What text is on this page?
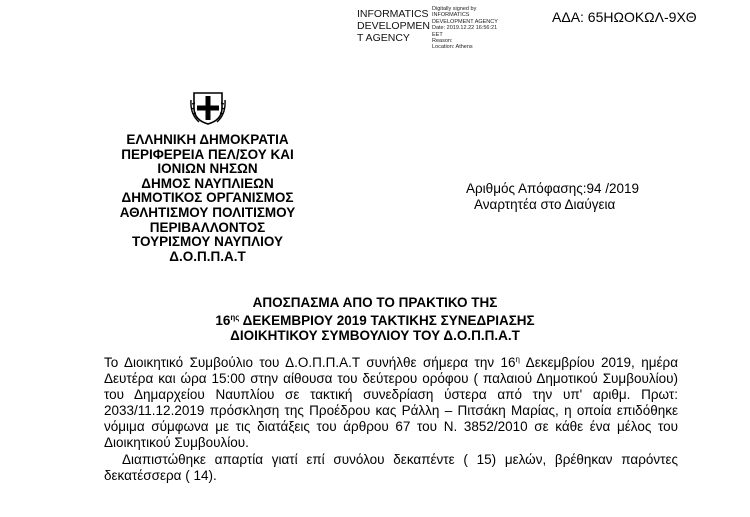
INFORMATICS
DEVELOPMEN
T AGENCY
Digitally signed by
INFORMATICS
DEVELOPMENT AGENCY
Date: 2019.12.22 16:56:21
EET
Reason:
Location: Athens
ΑΔΑ: 65ΗΩΟΚΩΛ-9ΧΘ
ΕΛΛΗΝΙΚΗ ΔΗΜΟΚΡΑΤΙΑ
ΠΕΡΙΦΕΡΕΙΑ ΠΕΛ/ΣΟΥ ΚΑΙ
ΙΟΝΙΩΝ ΝΗΣΩΝ
ΔΗΜΟΣ ΝΑΥΠΛΙΕΩΝ
ΔΗΜΟΤΙΚΟΣ ΟΡΓΑΝΙΣΜΟΣ
ΑΘΛΗΤΙΣΜΟΥ ΠΟΛΙΤΙΣΜΟΥ
ΠΕΡΙΒΑΛΛΟΝΤΟΣ
ΤΟΥΡΙΣΜΟΥ ΝΑΥΠΛΙΟΥ
Δ.Ο.Π.Π.Α.Τ
Αριθμός Απόφασης:94 /2019
Αναρτητέα στο Διαύγεια
ΑΠΟΣΠΑΣΜΑ ΑΠΟ ΤΟ ΠΡΑΚΤΙΚΟ ΤΗΣ
$16^{\eta\varsigma}$ ΔΕΚΕΜΒΡΙΟΥ 2019 ΤΑΚΤΙΚΗΣ ΣΥΝΕΔΡΙΑΣΗΣ
ΔΙΟΙΚΗΤΙΚΟΥ ΣΥΜΒΟΥΛΙΟΥ ΤΟΥ Δ.Ο.Π.Π.Α.Τ

Το Διοικητικό Συμβούλιο του Δ.Ο.Π.Π.Α.Τ συνήλθε σήμερα την $16^\eta$ Δεκεμβρίου 2019, ημέρα Δευτέρα και ώρα 15:00 στην αίθουσα του δεύτερου ορόφου ( παλαιού Δημοτικού Συμβουλίου) του Δημαρχείου Ναυπλίου σε τακτική συνεδρίαση ύστερα από την υπ' αριθμ. Πρωτ: 2033/11.12.2019 πρόσκληση της Προέδρου κας Ράλλη – Πιτσάκη Μαρίας, η οποία επιδόθηκε νόμιμα σύμφωνα με τις διατάξεις του άρθρου 67 του Ν. 3852/2010 σε κάθε ένα μέλος του Διοικητικού Συμβουλίου.

Διαπιστώθηκε απαρτία γιατί επί συνόλου δεκαπέντε ( 15) μελών, βρέθηκαν παρόντες δεκατέσσερα ( 14).
